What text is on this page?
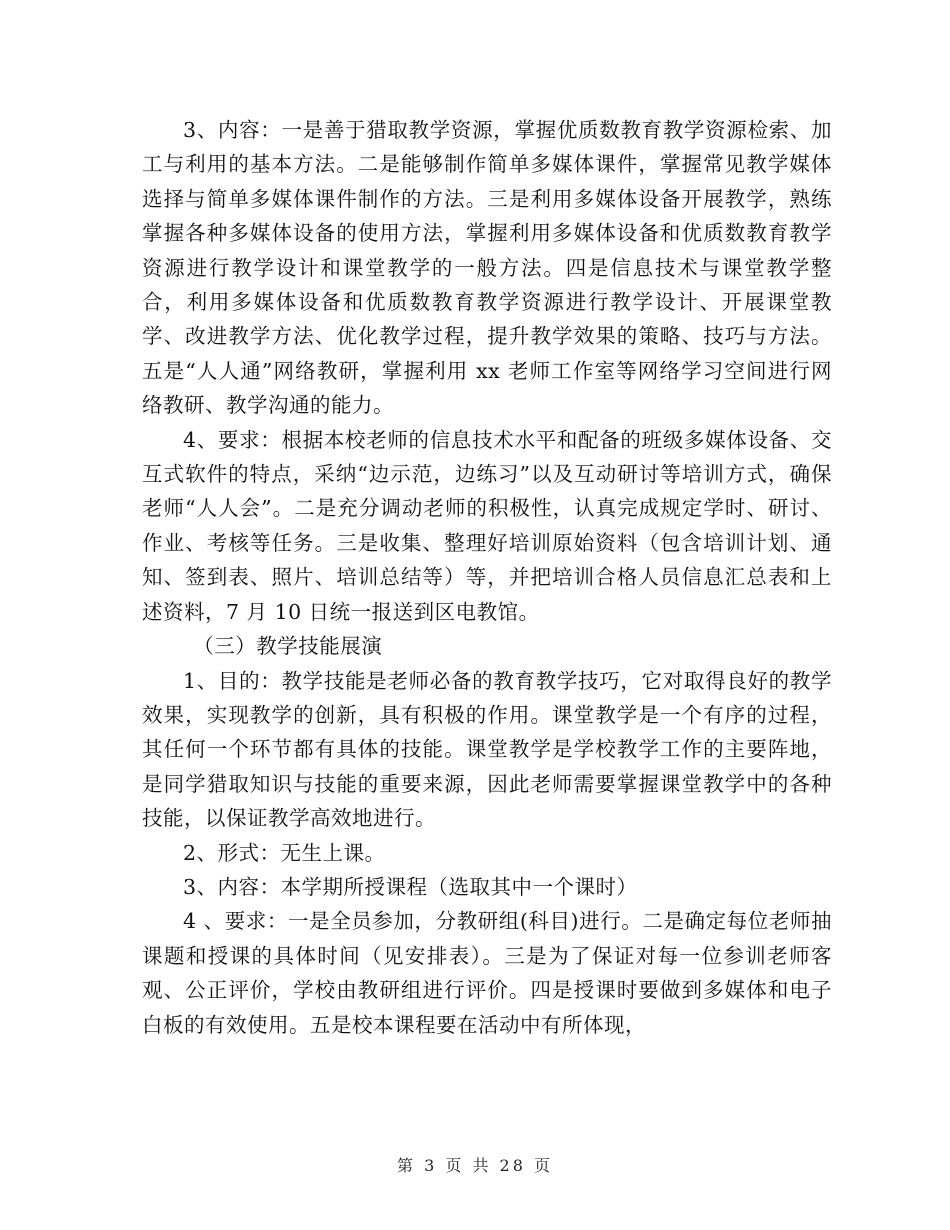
3、内容：一是善于猎取教学资源，掌握优质数教育教学资源检索、加工与利用的基本方法。二是能够制作简单多媒体课件，掌握常见教学媒体选择与简单多媒体课件制作的方法。三是利用多媒体设备开展教学，熟练掌握各种多媒体设备的使用方法，掌握利用多媒体设备和优质数教育教学资源进行教学设计和课堂教学的一般方法。四是信息技术与课堂教学整合，利用多媒体设备和优质数教育教学资源进行教学设计、开展课堂教学、改进教学方法、优化教学过程，提升教学效果的策略、技巧与方法。五是“人人通”网络教研，掌握利用 xx 老师工作室等网络学习空间进行网络教研、教学沟通的能力。

4、要求：根据本校老师的信息技术水平和配备的班级多媒体设备、交互式软件的特点，采纳“边示范，边练习”以及互动研讨等培训方式，确保老师“人人会”。二是充分调动老师的积极性，认真完成规定学时、研讨、作业、考核等任务。三是收集、整理好培训原始资料（包含培训计划、通知、签到表、照片、培训总结等）等，并把培训合格人员信息汇总表和上述资料，7 月 10 日统一报送到区电教馆。

（三）教学技能展演

1、目的：教学技能是老师必备的教育教学技巧，它对取得良好的教学效果，实现教学的创新，具有积极的作用。课堂教学是一个有序的过程，其任何一个环节都有具体的技能。课堂教学是学校教学工作的主要阵地，是同学猎取知识与技能的重要来源，因此老师需要掌握课堂教学中的各种技能，以保证教学高效地进行。

2、形式：无生上课。

3、内容：本学期所授课程（选取其中一个课时）

4 、要求：一是全员参加，分教研组(科目)进行。二是确定每位老师抽课题和授课的具体时间（见安排表）。三是为了保证对每一位参训老师客观、公正评价，学校由教研组进行评价。四是授课时要做到多媒体和电子白板的有效使用。五是校本课程要在活动中有所体现，

第 3 页 共 28 页
